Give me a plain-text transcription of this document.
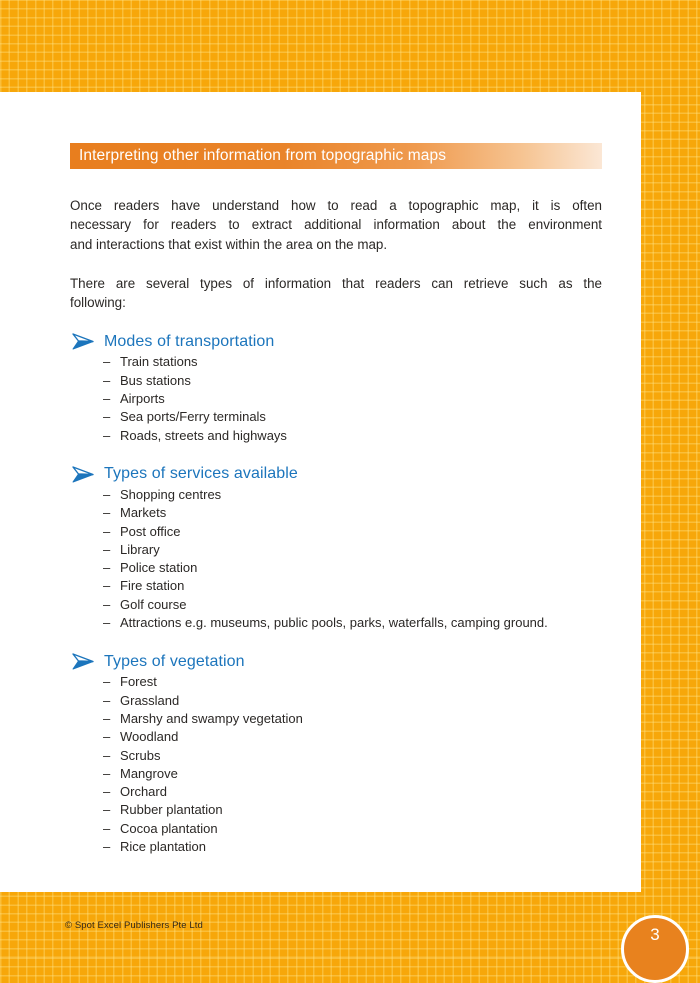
Interpreting other information from topographic maps
Once readers have understand how to read a topographic map, it is often
necessary for readers to extract additional information about the environment
and interactions that exist within the area on the map.
There are several types of information that readers can retrieve such as the
following:
Modes of transportation
– Train stations
– Bus stations
– Airports
– Sea ports/Ferry terminals
– Roads, streets and highways
Types of services available
– Shopping centres
– Markets
– Post office
– Library
– Police station
– Fire station
– Golf course
– Attractions e.g. museums, public pools, parks, waterfalls, camping ground.
Types of vegetation
– Forest
– Grassland
– Marshy and swampy vegetation
– Woodland
– Scrubs
– Mangrove
– Orchard
– Rubber plantation
– Cocoa plantation
– Rice plantation
© Spot Excel Publishers Pte Ltd	3
